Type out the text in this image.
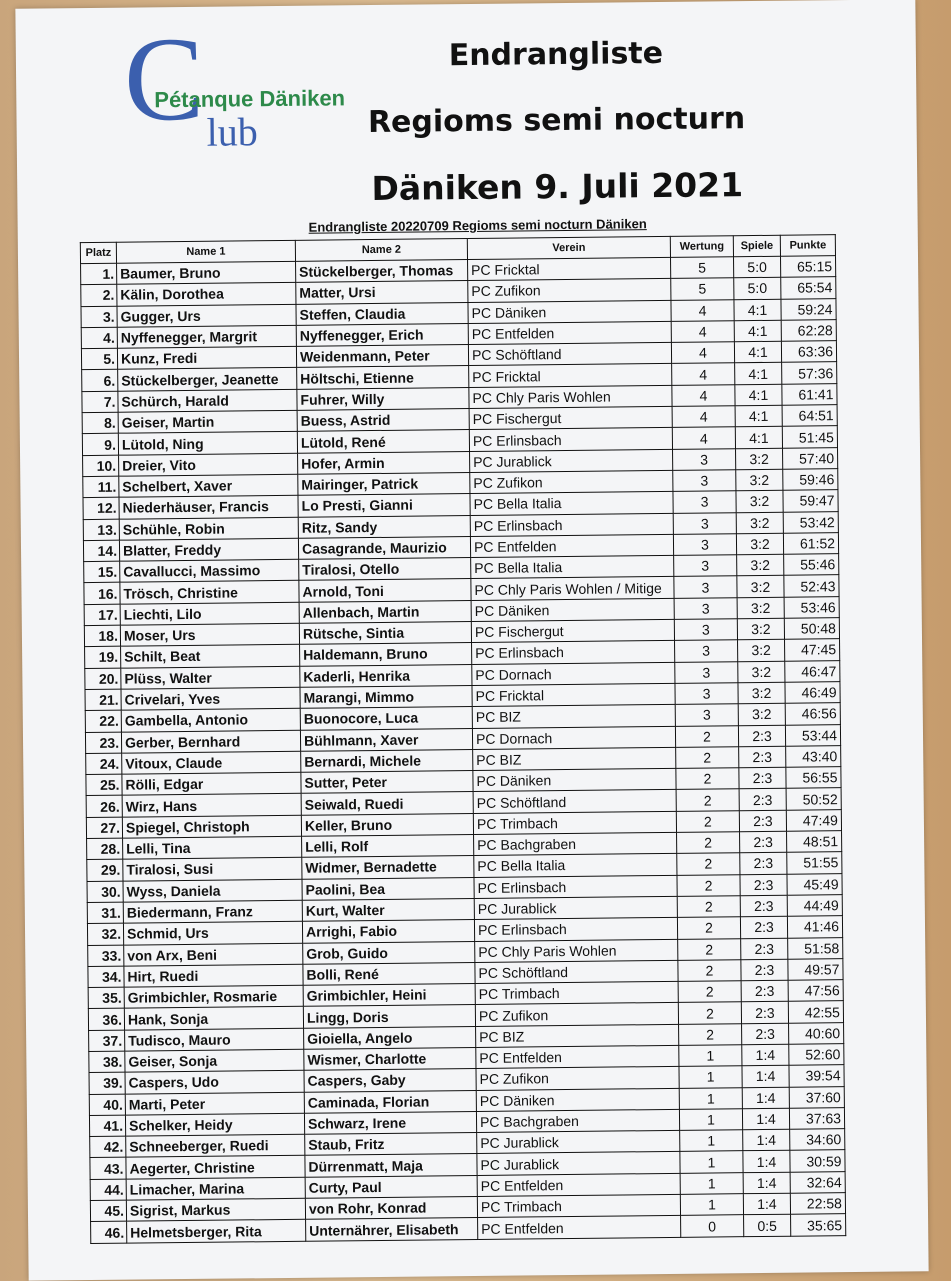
C
Pétanque Däniken
lub
Endrangliste
Regioms semi nocturn
Däniken 9. Juli 2021
Endrangliste 20220709 Regioms semi nocturn Däniken
Platz	Name 1	Name 2	Verein	Wertung	Spiele	Punkte
1.	Baumer, Bruno	Stückelberger, Thomas	PC Fricktal	5	5:0	65:15
2.	Kälin, Dorothea	Matter, Ursi	PC Zufikon	5	5:0	65:54
3.	Gugger, Urs	Steffen, Claudia	PC Däniken	4	4:1	59:24
4.	Nyffenegger, Margrit	Nyffenegger, Erich	PC Entfelden	4	4:1	62:28
5.	Kunz, Fredi	Weidenmann, Peter	PC Schöftland	4	4:1	63:36
6.	Stückelberger, Jeanette	Höltschi, Etienne	PC Fricktal	4	4:1	57:36
7.	Schürch, Harald	Fuhrer, Willy	PC Chly Paris Wohlen	4	4:1	61:41
8.	Geiser, Martin	Buess, Astrid	PC Fischergut	4	4:1	64:51
9.	Lütold, Ning	Lütold, René	PC Erlinsbach	4	4:1	51:45
10.	Dreier, Vito	Hofer, Armin	PC Jurablick	3	3:2	57:40
11.	Schelbert, Xaver	Mairinger, Patrick	PC Zufikon	3	3:2	59:46
12.	Niederhäuser, Francis	Lo Presti, Gianni	PC Bella Italia	3	3:2	59:47
13.	Schühle, Robin	Ritz, Sandy	PC Erlinsbach	3	3:2	53:42
14.	Blatter, Freddy	Casagrande, Maurizio	PC Entfelden	3	3:2	61:52
15.	Cavallucci, Massimo	Tiralosi, Otello	PC Bella Italia	3	3:2	55:46
16.	Trösch, Christine	Arnold, Toni	PC Chly Paris Wohlen / Mitige	3	3:2	52:43
17.	Liechti, Lilo	Allenbach, Martin	PC Däniken	3	3:2	53:46
18.	Moser, Urs	Rütsche, Sintia	PC Fischergut	3	3:2	50:48
19.	Schilt, Beat	Haldemann, Bruno	PC Erlinsbach	3	3:2	47:45
20.	Plüss, Walter	Kaderli, Henrika	PC Dornach	3	3:2	46:47
21.	Crivelari, Yves	Marangi, Mimmo	PC Fricktal	3	3:2	46:49
22.	Gambella, Antonio	Buonocore, Luca	PC BIZ	3	3:2	46:56
23.	Gerber, Bernhard	Bühlmann, Xaver	PC Dornach	2	2:3	53:44
24.	Vitoux, Claude	Bernardi, Michele	PC BIZ	2	2:3	43:40
25.	Rölli, Edgar	Sutter, Peter	PC Däniken	2	2:3	56:55
26.	Wirz, Hans	Seiwald, Ruedi	PC Schöftland	2	2:3	50:52
27.	Spiegel, Christoph	Keller, Bruno	PC Trimbach	2	2:3	47:49
28.	Lelli, Tina	Lelli, Rolf	PC Bachgraben	2	2:3	48:51
29.	Tiralosi, Susi	Widmer, Bernadette	PC Bella Italia	2	2:3	51:55
30.	Wyss, Daniela	Paolini, Bea	PC Erlinsbach	2	2:3	45:49
31.	Biedermann, Franz	Kurt, Walter	PC Jurablick	2	2:3	44:49
32.	Schmid, Urs	Arrighi, Fabio	PC Erlinsbach	2	2:3	41:46
33.	von Arx, Beni	Grob, Guido	PC Chly Paris Wohlen	2	2:3	51:58
34.	Hirt, Ruedi	Bolli, René	PC Schöftland	2	2:3	49:57
35.	Grimbichler, Rosmarie	Grimbichler, Heini	PC Trimbach	2	2:3	47:56
36.	Hank, Sonja	Lingg, Doris	PC Zufikon	2	2:3	42:55
37.	Tudisco, Mauro	Gioiella, Angelo	PC BIZ	2	2:3	40:60
38.	Geiser, Sonja	Wismer, Charlotte	PC Entfelden	1	1:4	52:60
39.	Caspers, Udo	Caspers, Gaby	PC Zufikon	1	1:4	39:54
40.	Marti, Peter	Caminada, Florian	PC Däniken	1	1:4	37:60
41.	Schelker, Heidy	Schwarz, Irene	PC Bachgraben	1	1:4	37:63
42.	Schneeberger, Ruedi	Staub, Fritz	PC Jurablick	1	1:4	34:60
43.	Aegerter, Christine	Dürrenmatt, Maja	PC Jurablick	1	1:4	30:59
44.	Limacher, Marina	Curty, Paul	PC Entfelden	1	1:4	32:64
45.	Sigrist, Markus	von Rohr, Konrad	PC Trimbach	1	1:4	22:58
46.	Helmetsberger, Rita	Unternährer, Elisabeth	PC Entfelden	0	0:5	35:65
